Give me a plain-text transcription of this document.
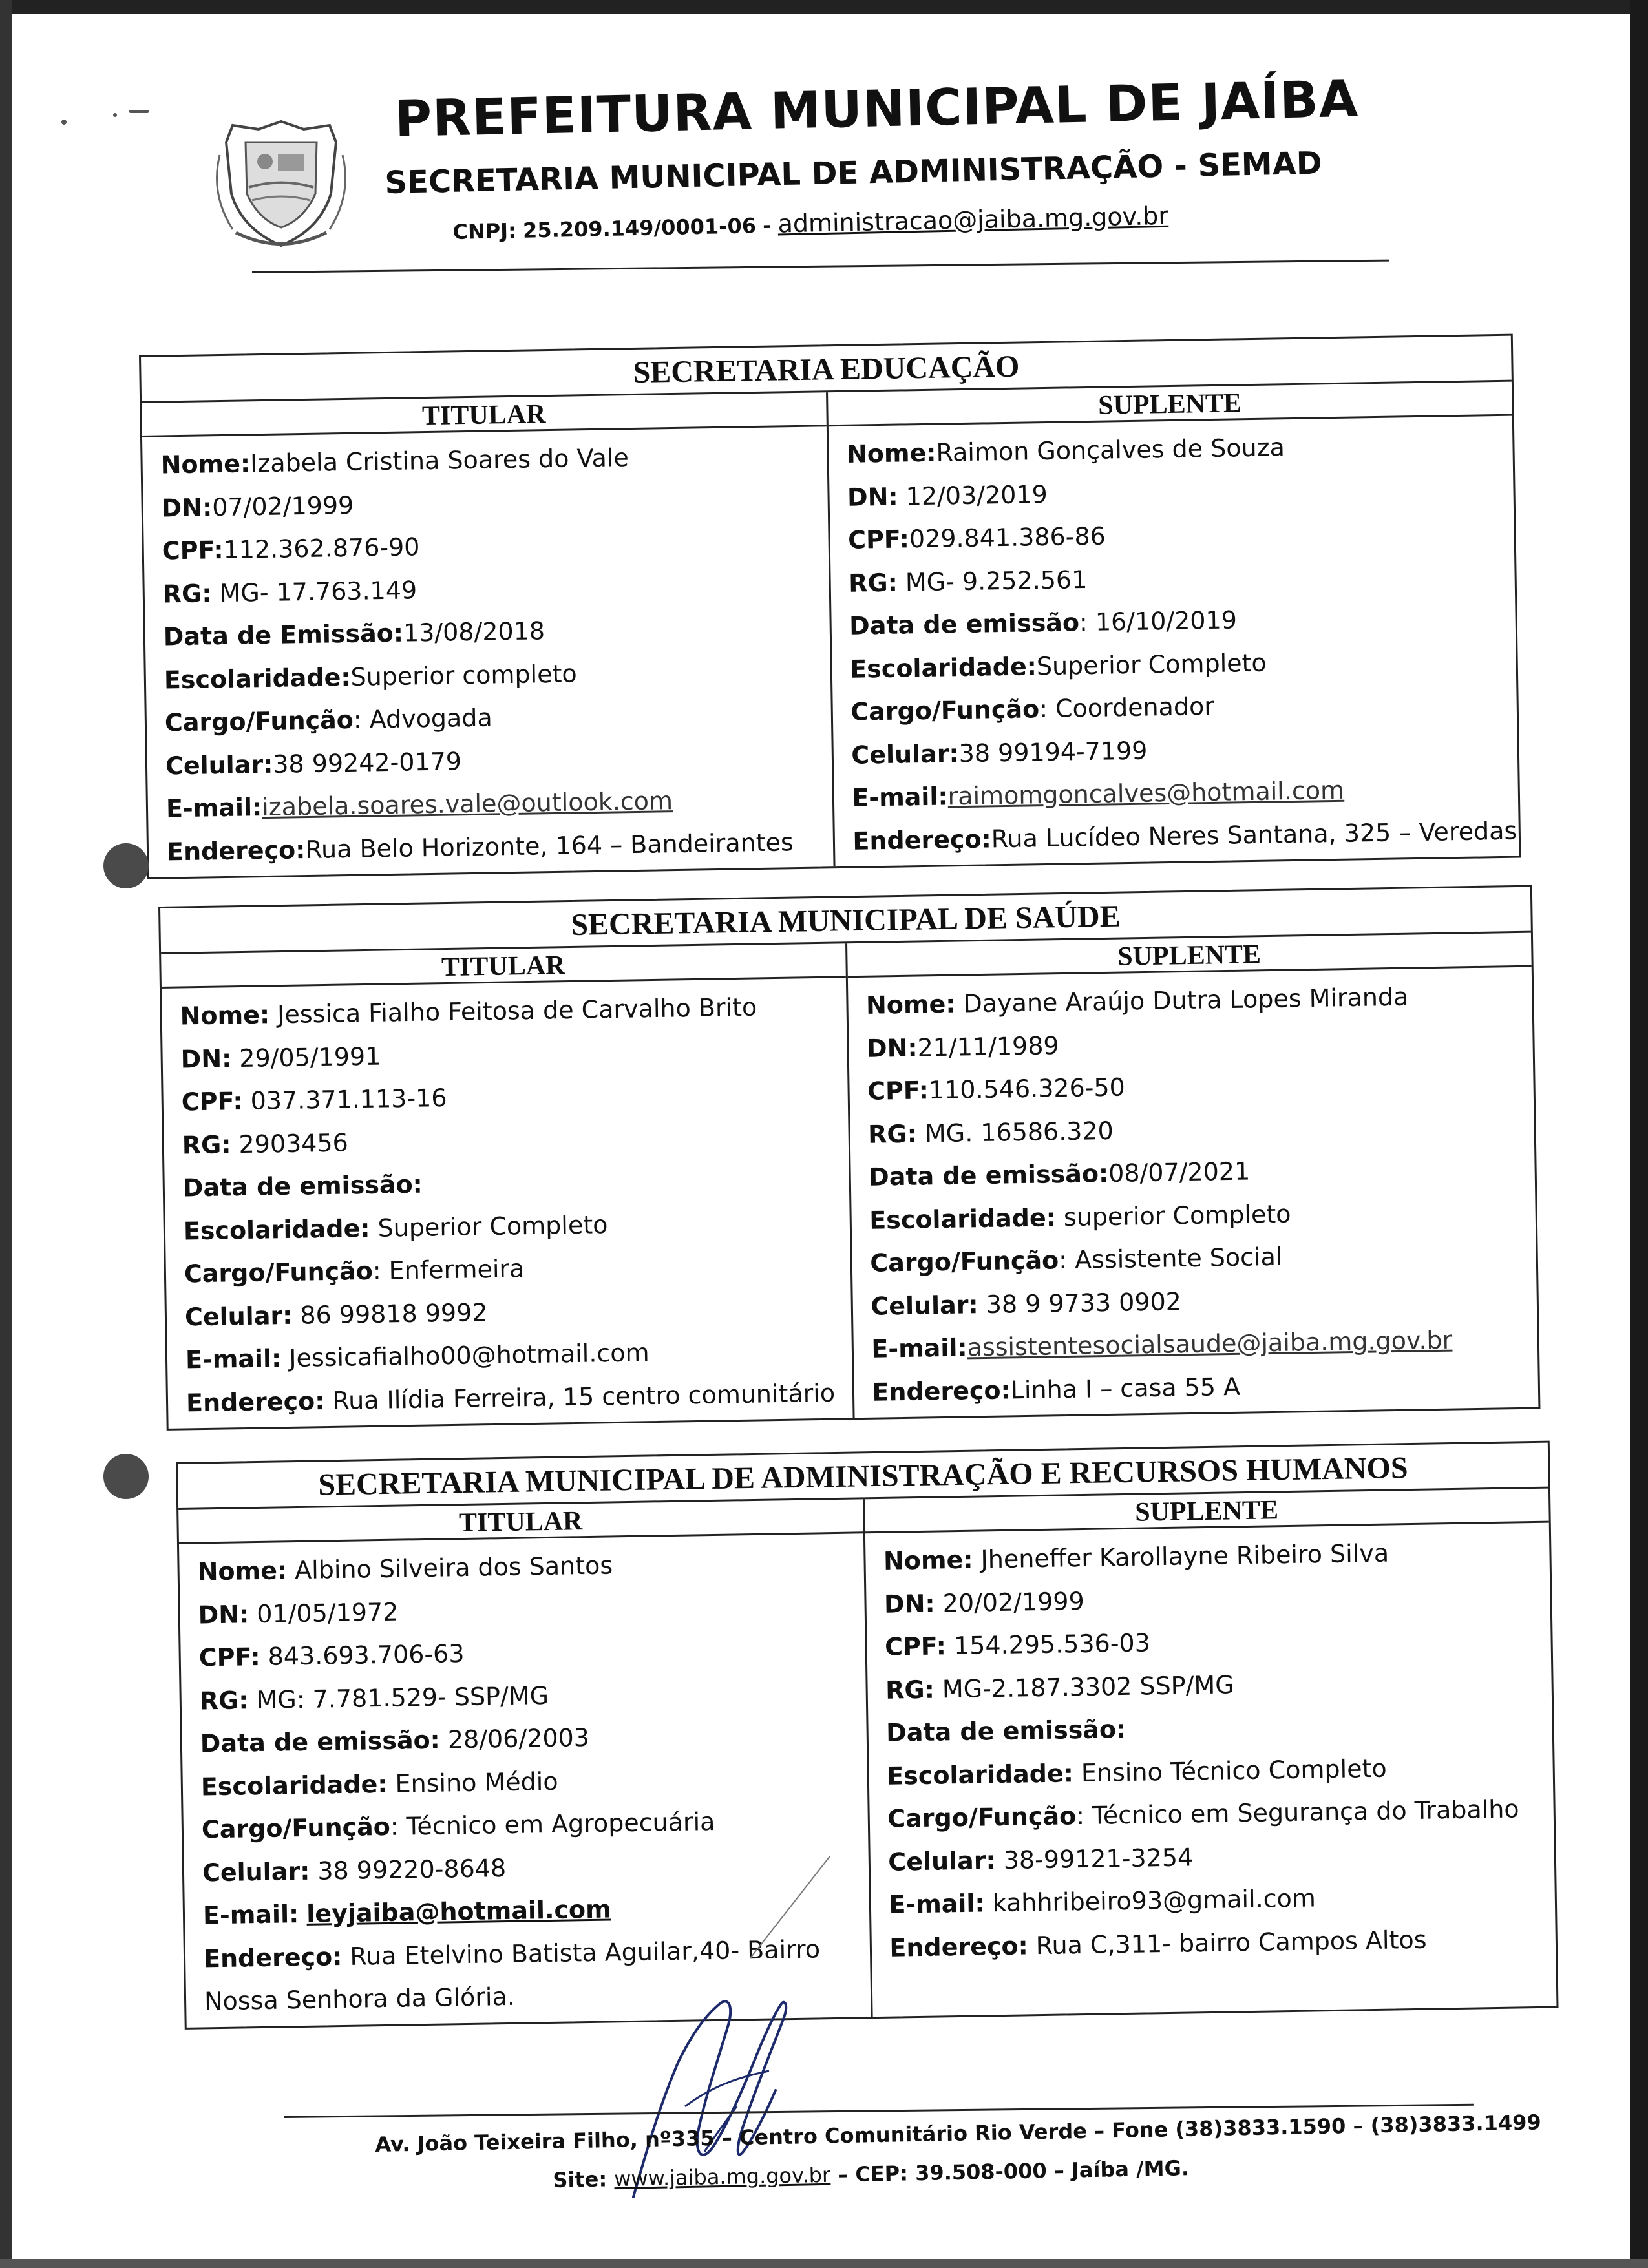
PREFEITURA MUNICIPAL DE JAÍBA
SECRETARIA MUNICIPAL DE ADMINISTRAÇÃO - SEMAD
CNPJ: 25.209.149/0001-06 - administracao@jaiba.mg.gov.br
SECRETARIA EDUCAÇÃO
TITULAR
Nome:Izabela Cristina Soares do Vale
DN:07/02/1999
CPF:112.362.876-90
RG: MG- 17.763.149
Data de Emissão:13/08/2018
Escolaridade:Superior completo
Cargo/Função: Advogada
Celular:38 99242-0179
E-mail:izabela.soares.vale@outlook.com
Endereço:Rua Belo Horizonte, 164 – Bandeirantes
SUPLENTE
Nome:Raimon Gonçalves de Souza
DN: 12/03/2019
CPF:029.841.386-86
RG: MG- 9.252.561
Data de emissão: 16/10/2019
Escolaridade:Superior Completo
Cargo/Função: Coordenador
Celular:38 99194-7199
E-mail:raimomgoncalves@hotmail.com
Endereço:Rua Lucídeo Neres Santana, 325 – Veredas
SECRETARIA MUNICIPAL DE SAÚDE
TITULAR
Nome: Jessica Fialho Feitosa de Carvalho Brito
DN: 29/05/1991
CPF: 037.371.113-16
RG: 2903456
Data de emissão:
Escolaridade: Superior Completo
Cargo/Função: Enfermeira
Celular: 86 99818 9992
E-mail: Jessicafialho00@hotmail.com
Endereço: Rua Ilídia Ferreira, 15 centro comunitário
SUPLENTE
Nome: Dayane Araújo Dutra Lopes Miranda
DN:21/11/1989
CPF:110.546.326-50
RG: MG. 16586.320
Data de emissão:08/07/2021
Escolaridade: superior Completo
Cargo/Função: Assistente Social
Celular: 38 9 9733 0902
E-mail:assistentesocialsaude@jaiba.mg.gov.br
Endereço:Linha I – casa 55 A
SECRETARIA MUNICIPAL DE ADMINISTRAÇÃO E RECURSOS HUMANOS
TITULAR
Nome: Albino Silveira dos Santos
DN: 01/05/1972
CPF: 843.693.706-63
RG: MG: 7.781.529- SSP/MG
Data de emissão: 28/06/2003
Escolaridade: Ensino Médio
Cargo/Função: Técnico em Agropecuária
Celular: 38 99220-8648
E-mail: leyjaiba@hotmail.com
Endereço: Rua Etelvino Batista Aguilar,40- Bairro
Nossa Senhora da Glória.
SUPLENTE
Nome: Jheneffer Karollayne Ribeiro Silva
DN: 20/02/1999
CPF: 154.295.536-03
RG: MG-2.187.3302 SSP/MG
Data de emissão:
Escolaridade: Ensino Técnico Completo
Cargo/Função: Técnico em Segurança do Trabalho
Celular: 38-99121-3254
E-mail: kahhribeiro93@gmail.com
Endereço: Rua C,311- bairro Campos Altos
Av. João Teixeira Filho, nº335 – Centro Comunitário Rio Verde – Fone (38)3833.1590 – (38)3833.1499
Site: www.jaiba.mg.gov.br – CEP: 39.508-000 – Jaíba /MG.
